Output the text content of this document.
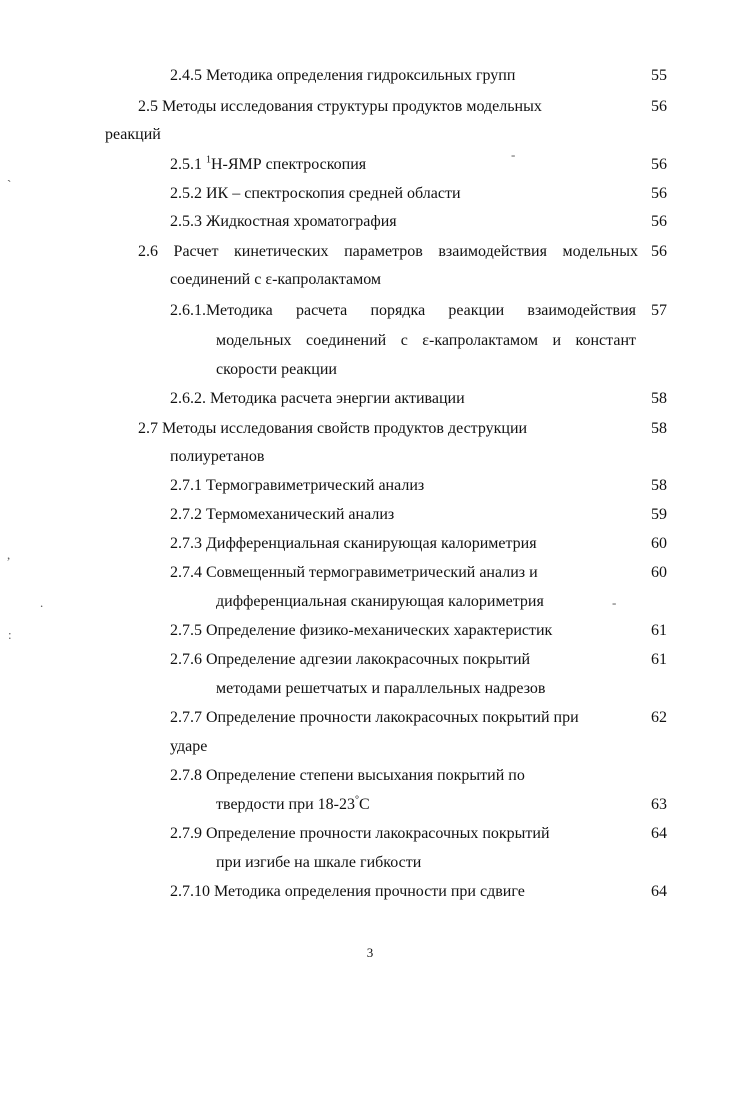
2.4.5 Методика определения гидроксильных групп	55
2.5 Методы исследования структуры продуктов модельных	56
реакций
2.5.1 $^1$Н-ЯМР спектроскопия	56
2.5.2 ИК – спектроскопия средней области	56
2.5.3 Жидкостная хроматография	56
2.6 Расчет кинетических параметров взаимодействия модельных 56
соединений с ε-капролактамом
2.6.1.Методика расчета порядка реакции взаимодействия 57
модельных соединений с ε-капролактамом и констант
скорости реакции
2.6.2. Методика расчета энергии активации	58
2.7 Методы исследования свойств продуктов деструкции	58
полиуретанов
2.7.1 Термогравиметрический анализ	58
2.7.2 Термомеханический анализ	59
2.7.3 Дифференциальная сканирующая калориметрия	60
2.7.4 Совмещенный термогравиметрический анализ и	60
дифференциальная сканирующая калориметрия
2.7.5 Определение физико-механических характеристик	61
2.7.6 Определение адгезии лакокрасочных покрытий	61
методами решетчатых и параллельных надрезов
2.7.7 Определение прочности лакокрасочных покрытий при	62
ударе
2.7.8 Определение степени высыхания покрытий по
твердости при 18-23°С	63
2.7.9 Определение прочности лакокрасочных покрытий	64
при изгибе на шкале гибкости
2.7.10 Методика определения прочности при сдвиге	64
3
`
-
,
.	-
:
